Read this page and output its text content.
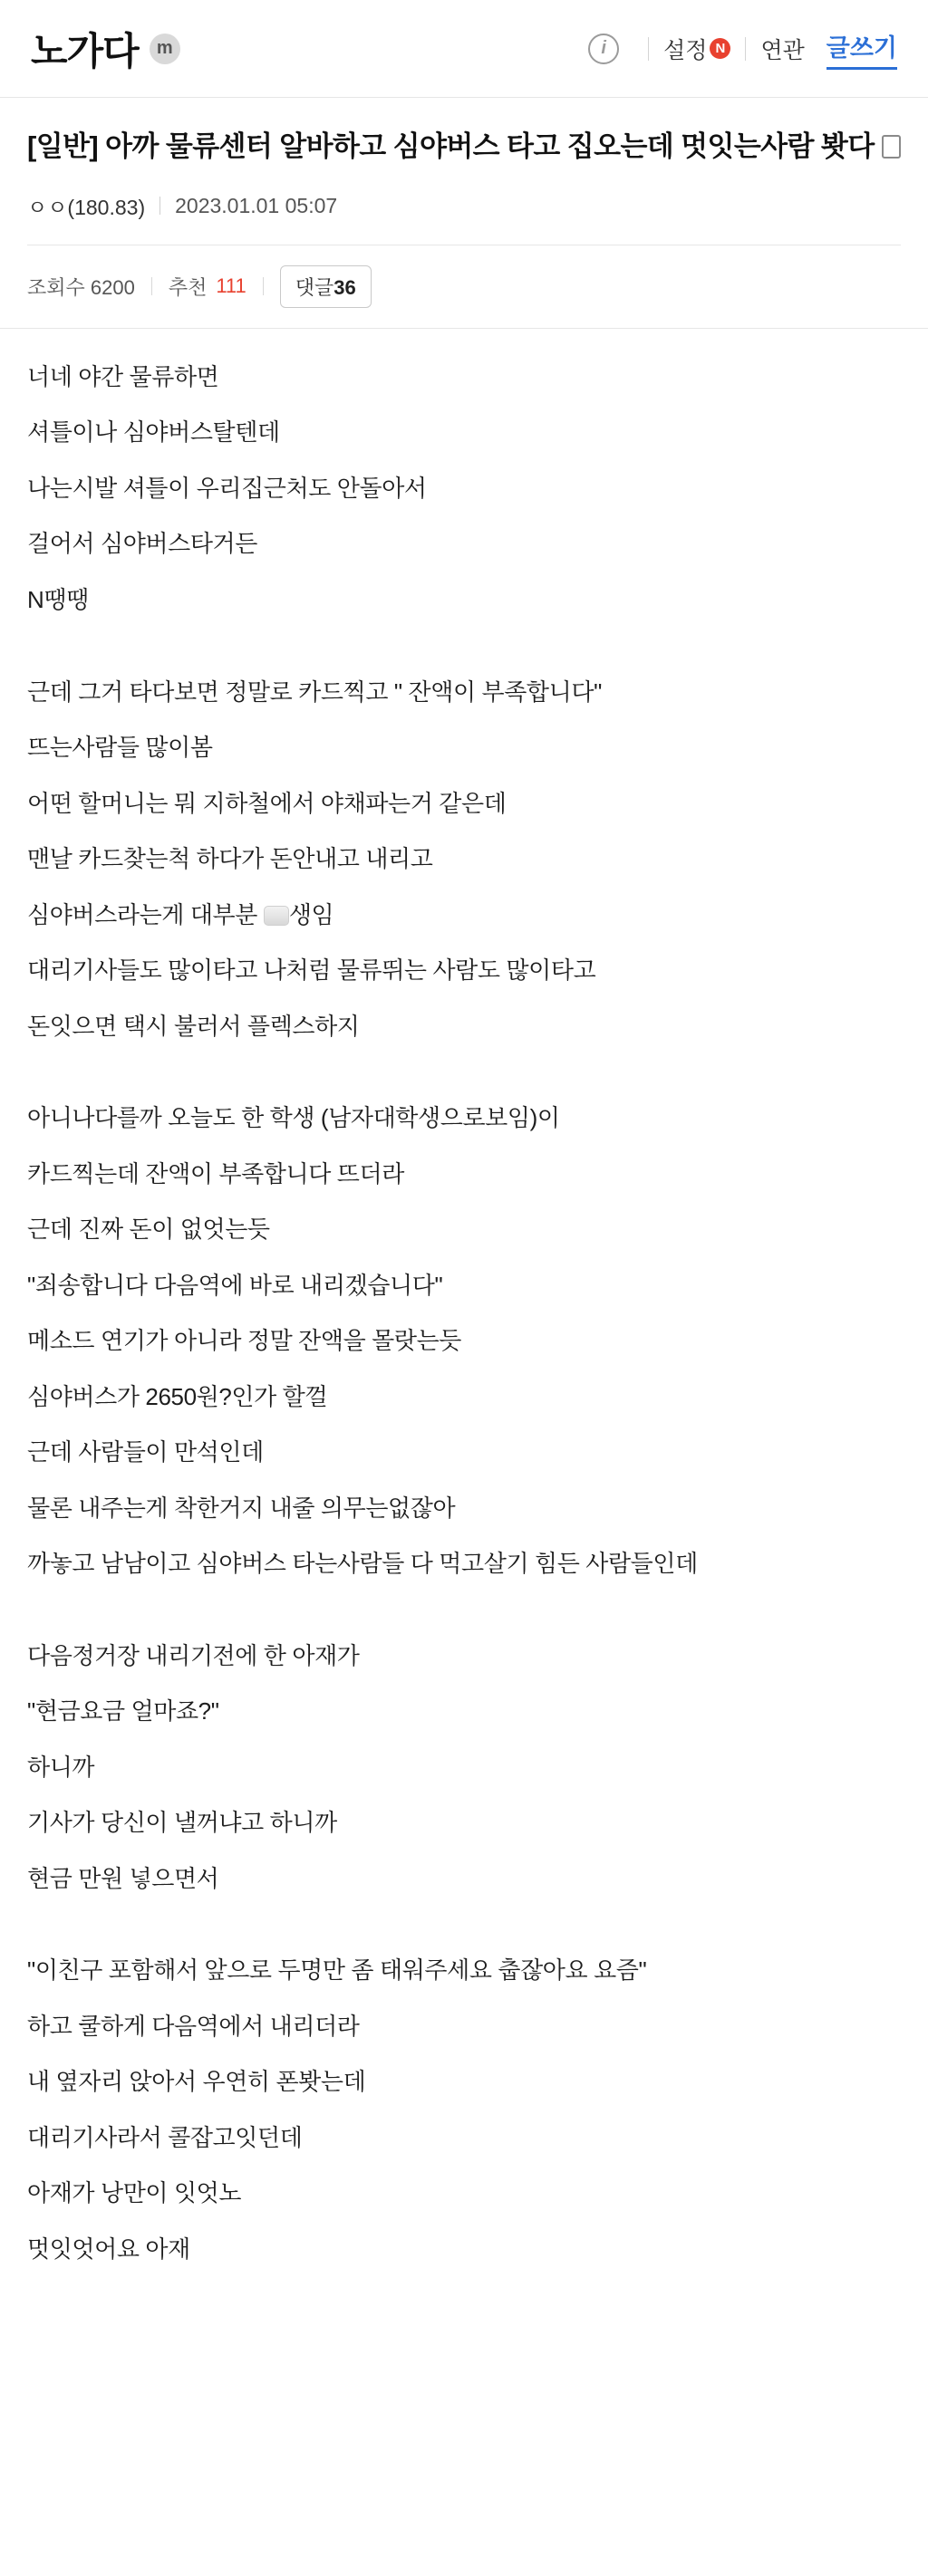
노가다	m	i	설정 N 연관 글쓰기
[일반] 아까 물류센터 알바하고 심야버스 타고 집오는데 멋잇는사람 봣다
ㅇㅇ(180.83) 2023.01.01 05:07
조회수 6200 추천 111	댓글36

너네 야간 물류하면

셔틀이나 심야버스탈텐데

나는시발 셔틀이 우리집근처도 안돌아서

걸어서 심야버스타거든

N땡땡

근데 그거 타다보면 정말로 카드찍고 " 잔액이 부족합니다"

뜨는사람들 많이봄

어떤 할머니는 뭐 지하철에서 야채파는거 같은데

맨날 카드찾는척 하다가 돈안내고 내리고

심야버스라는게 대부분 생임

대리기사들도 많이타고 나처럼 물류뛰는 사람도 많이타고

돈잇으면 택시 불러서 플렉스하지

아니나다를까 오늘도 한 학생 (남자대학생으로보임)이

카드찍는데 잔액이 부족합니다 뜨더라

근데 진짜 돈이 없엇는듯

"죄송합니다 다음역에 바로 내리겠습니다"

메소드 연기가 아니라 정말 잔액을 몰랏는듯

심야버스가 2650원?인가 할껄

근데 사람들이 만석인데

물론 내주는게 착한거지 내줄 의무는없잖아

까놓고 남남이고 심야버스 타는사람들 다 먹고살기 힘든 사람들인데

다음정거장 내리기전에 한 아재가

"현금요금 얼마죠?"

하니까

기사가 당신이 낼꺼냐고 하니까

현금 만원 넣으면서

"이친구 포함해서 앞으로 두명만 좀 태워주세요 춥잖아요 요즘"

하고 쿨하게 다음역에서 내리더라

내 옆자리 앉아서 우연히 폰봣는데

대리기사라서 콜잡고잇던데

아재가 낭만이 잇엇노

멋잇엇어요 아재
